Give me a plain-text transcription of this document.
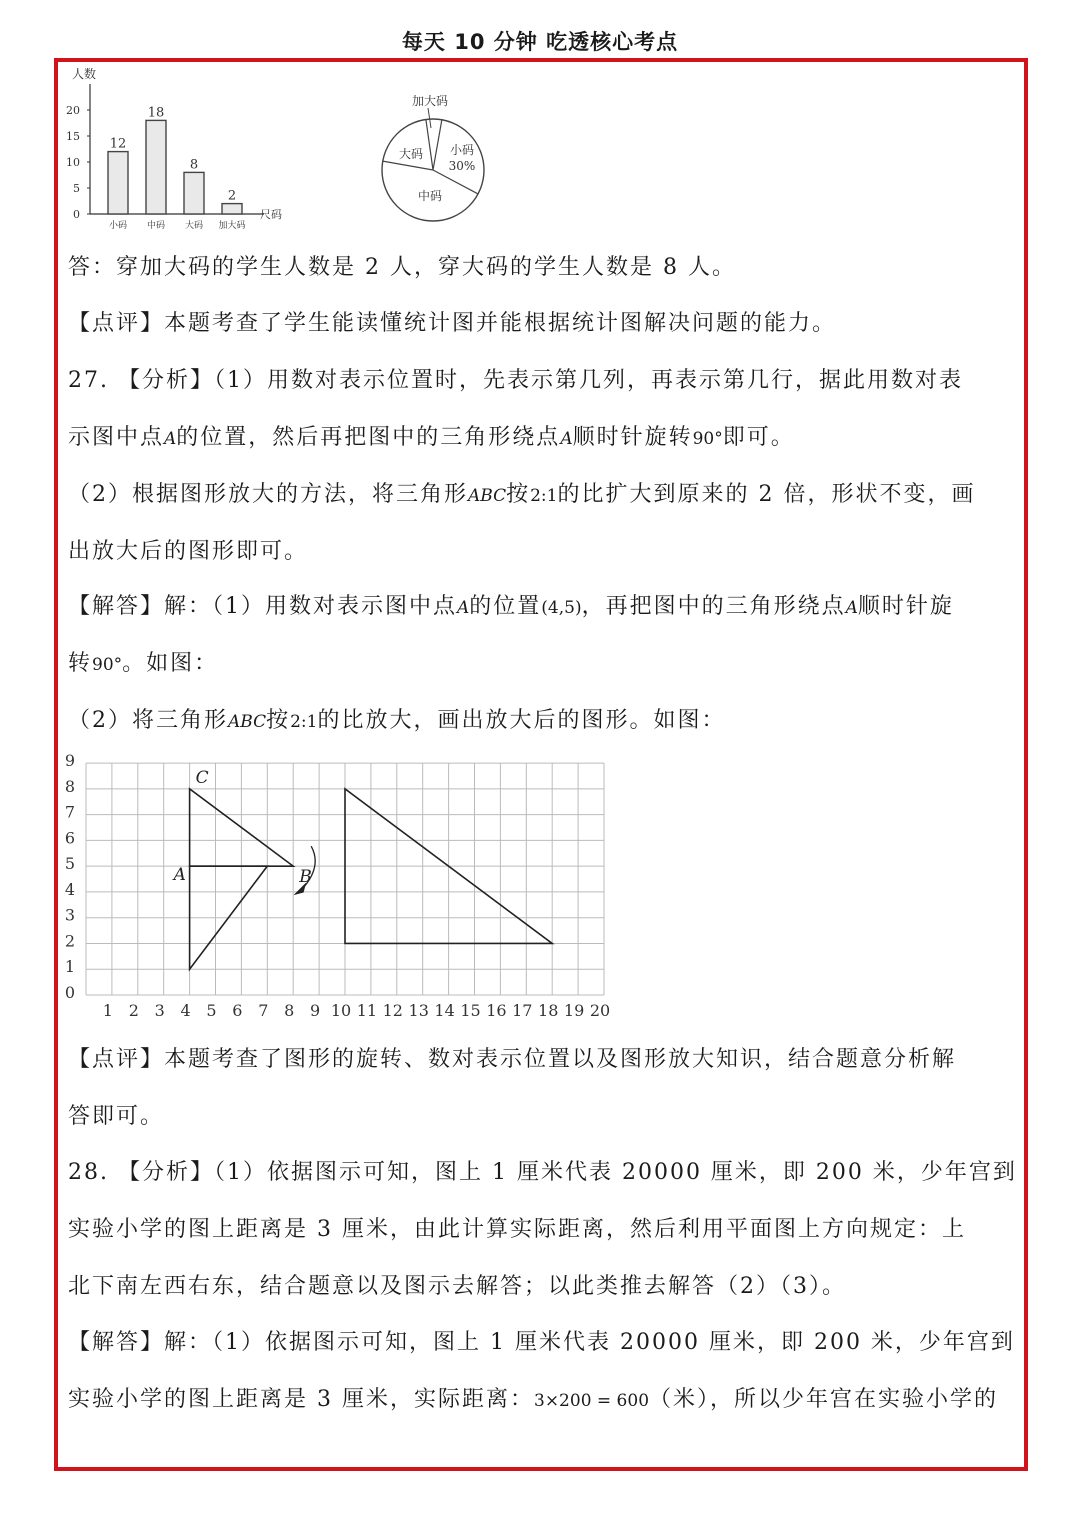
每天 10 分钟 吃透核心考点
人数
尺码
0
5
10
15
20
12
小码
18
中码
8
大码
2
加大码
小码
30%
中码
大码
加大码
答：穿加大码的学生人数是 2 人，穿大码的学生人数是 8 人。
【点评】本题考查了学生能读懂统计图并能根据统计图解决问题的能力。
27. 【分析】（1）用数对表示位置时，先表示第几列，再表示第几行，据此用数对表
示图中点A的位置，然后再把图中的三角形绕点A顺时针旋转90°即可。
（2）根据图形放大的方法，将三角形ABC按2:1的比扩大到原来的 2 倍，形状不变，画
出放大后的图形即可。
【解答】解：（1）用数对表示图中点A的位置(4,5)，再把图中的三角形绕点A顺时针旋
转90°。如图：
（2）将三角形ABC按2:1的比放大，画出放大后的图形。如图：
1 2 3 4 5 6 7 8 9 10 11 12 13 14 15 16 17 18 19 20
0
1
2
3
4
5
6
7
8
9
A	B
C
【点评】本题考查了图形的旋转、数对表示位置以及图形放大知识，结合题意分析解
答即可。
28. 【分析】（1）依据图示可知，图上 1 厘米代表 20000 厘米，即 200 米，少年宫到
实验小学的图上距离是 3 厘米，由此计算实际距离，然后利用平面图上方向规定：上
北下南左西右东，结合题意以及图示去解答；以此类推去解答（2）（3）。
【解答】解：（1）依据图示可知，图上 1 厘米代表 20000 厘米，即 200 米，少年宫到
实验小学的图上距离是 3 厘米，实际距离：3×200 = 600（米），所以少年宫在实验小学的
